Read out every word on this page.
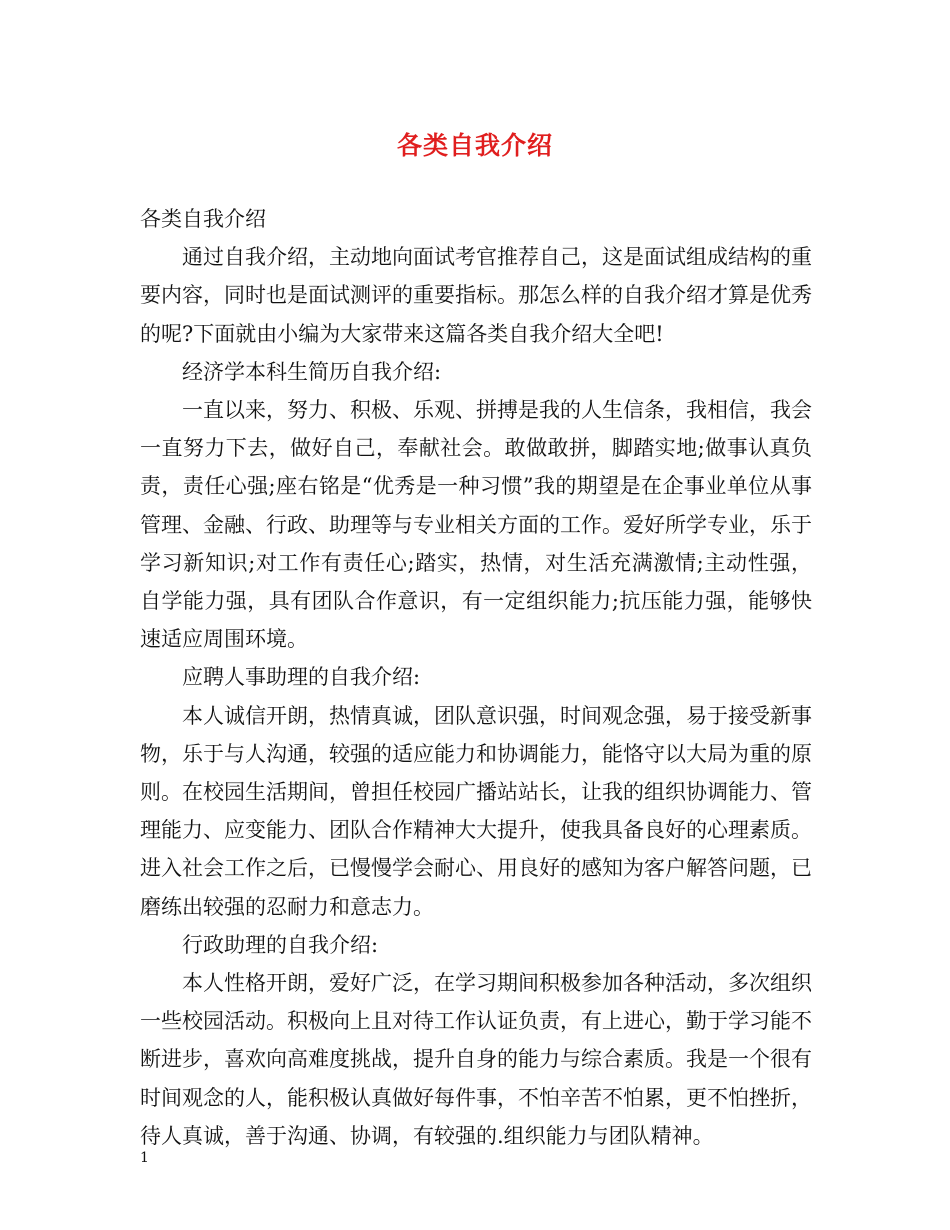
各类自我介绍

各类自我介绍

通过自我介绍，主动地向面试考官推荐自己，这是面试组成结构的重要内容，同时也是面试测评的重要指标。那怎么样的自我介绍才算是优秀的呢?下面就由小编为大家带来这篇各类自我介绍大全吧!

经济学本科生简历自我介绍:

一直以来，努力、积极、乐观、拼搏是我的人生信条，我相信，我会一直努力下去，做好自己，奉献社会。敢做敢拼，脚踏实地;做事认真负责，责任心强;座右铭是“优秀是一种习惯”我的期望是在企事业单位从事管理、金融、行政、助理等与专业相关方面的工作。爱好所学专业，乐于学习新知识;对工作有责任心;踏实，热情，对生活充满激情;主动性强，自学能力强，具有团队合作意识，有一定组织能力;抗压能力强，能够快速适应周围环境。

应聘人事助理的自我介绍:

本人诚信开朗，热情真诚，团队意识强，时间观念强，易于接受新事物，乐于与人沟通，较强的适应能力和协调能力，能恪守以大局为重的原则。在校园生活期间，曾担任校园广播站站长，让我的组织协调能力、管理能力、应变能力、团队合作精神大大提升，使我具备良好的心理素质。进入社会工作之后，已慢慢学会耐心、用良好的感知为客户解答问题，已磨练出较强的忍耐力和意志力。

行政助理的自我介绍:

本人性格开朗，爱好广泛，在学习期间积极参加各种活动，多次组织一些校园活动。积极向上且对待工作认证负责，有上进心，勤于学习能不断进步，喜欢向高难度挑战，提升自身的能力与综合素质。我是一个很有时间观念的人，能积极认真做好每件事，不怕辛苦不怕累，更不怕挫折，待人真诚，善于沟通、协调，有较强的.组织能力与团队精神。

1
